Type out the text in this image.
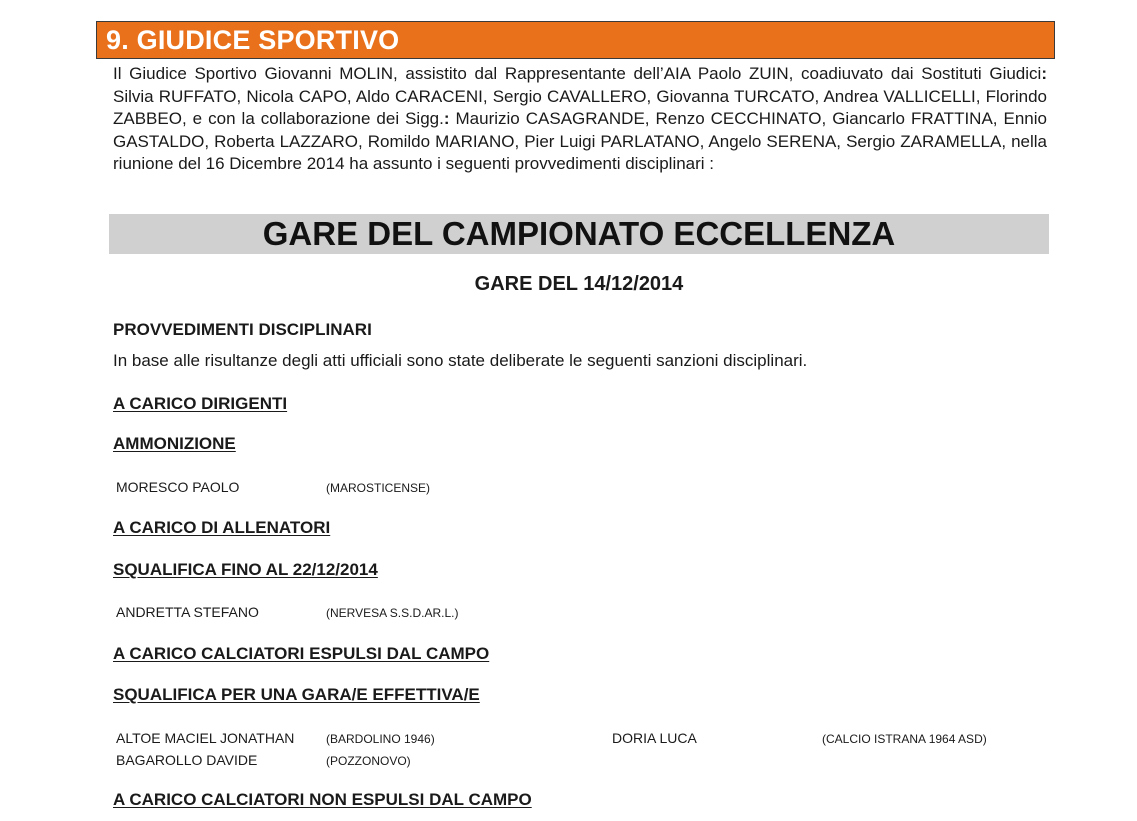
9. GIUDICE SPORTIVO

Il Giudice Sportivo Giovanni MOLIN, assistito dal Rappresentante dell’AIA Paolo ZUIN, coadiuvato dai Sostituti Giudici: Silvia RUFFATO, Nicola CAPO, Aldo CARACENI, Sergio CAVALLERO, Giovanna TURCATO, Andrea VALLICELLI, Florindo ZABBEO, e con la collaborazione dei Sigg.: Maurizio CASAGRANDE, Renzo CECCHINATO, Giancarlo FRATTINA, Ennio GASTALDO, Roberta LAZZARO, Romildo MARIANO, Pier Luigi PARLATANO, Angelo SERENA, Sergio ZARAMELLA, nella riunione del 16 Dicembre 2014 ha assunto i seguenti provvedimenti disciplinari :

GARE DEL CAMPIONATO ECCELLENZA
GARE DEL 14/12/2014

PROVVEDIMENTI DISCIPLINARI

In base alle risultanze degli atti ufficiali sono state deliberate le seguenti sanzioni disciplinari.

A CARICO DIRIGENTI

AMMONIZIONE

MORESCO PAOLO	(MAROSTICENSE)

A CARICO DI ALLENATORI

SQUALIFICA FINO AL 22/12/2014

ANDRETTA STEFANO	(NERVESA S.S.D.AR.L.)

A CARICO CALCIATORI ESPULSI DAL CAMPO

SQUALIFICA PER UNA GARA/E EFFETTIVA/E

ALTOE MACIEL JONATHAN	(BARDOLINO 1946)	DORIA LUCA	(CALCIO ISTRANA 1964 ASD)
BAGAROLLO DAVIDE	(POZZONOVO)

A CARICO CALCIATORI NON ESPULSI DAL CAMPO
